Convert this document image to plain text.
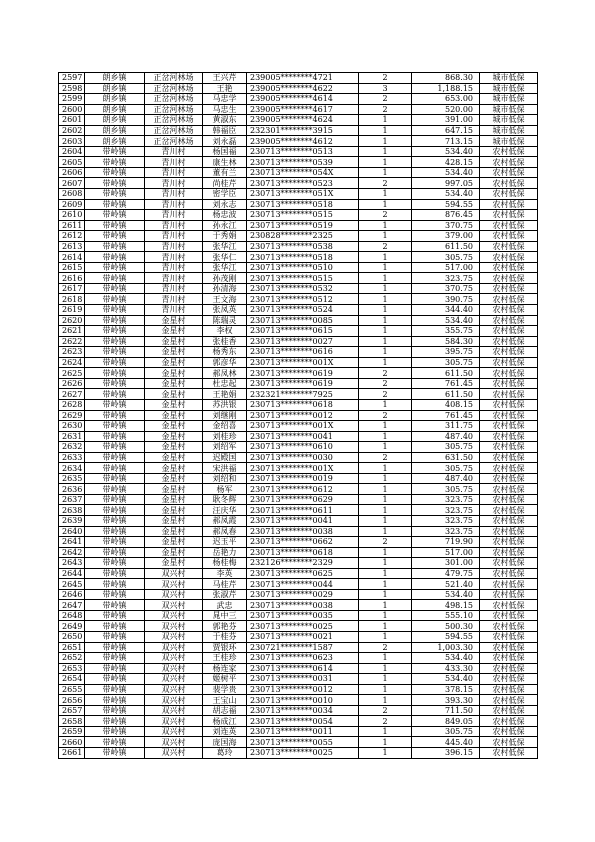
2597	朗乡镇	正岔河林场	王兴芹	239005********4721	2	868.30	城市低保
2598	朗乡镇	正岔河林场	王艳	239005********4622	3	1,188.15	城市低保
2599	朗乡镇	正岔河林场	马忠学	239005********4614	2	653.00	城市低保
2600	朗乡镇	正岔河林场	马忠生	239005********4617	2	520.00	城市低保
2601	朗乡镇	正岔河林场	黄淑东	239005********4624	1	391.00	城市低保
2602	朗乡镇	正岔河林场	韩福臣	232301********3915	1	647.15	城市低保
2603	朗乡镇	正岔河林场	刘永磊	239005********4612	1	713.15	城市低保
2604	带岭镇	青川村	杨国福	230713********0513	1	534.40	农村低保
2605	带岭镇	青川村	康生林	230713********0539	1	428.15	农村低保
2606	带岭镇	青川村	董有兰	230713********054X	1	534.40	农村低保
2607	带岭镇	青川村	尚桂芹	230713********0523	2	997.05	农村低保
2608	带岭镇	青川村	密学臣	230713********051X	1	534.40	农村低保
2609	带岭镇	青川村	刘永志	230713********0518	1	594.55	农村低保
2610	带岭镇	青川村	杨忠波	230713********0515	2	876.45	农村低保
2611	带岭镇	青川村	孙永江	230713********0519	1	370.75	农村低保
2612	带岭镇	青川村	于秀娟	230828********2325	1	379.00	农村低保
2613	带岭镇	青川村	张华江	230713********0538	2	611.50	农村低保
2614	带岭镇	青川村	张华仁	230713********0518	1	305.75	农村低保
2615	带岭镇	青川村	张华江	230713********0510	1	517.00	农村低保
2616	带岭镇	青川村	孙茂刚	230713********0515	1	323.75	农村低保
2617	带岭镇	青川村	孙清海	230713********0532	1	370.75	农村低保
2618	带岭镇	青川村	王文海	230713********0512	1	390.75	农村低保
2619	带岭镇	青川村	张凤英	230713********0524	1	344.40	农村低保
2620	带岭镇	金星村	陈瑞灵	230713********0085	1	534.40	农村低保
2621	带岭镇	金星村	李权	230713********0615	1	355.75	农村低保
2622	带岭镇	金星村	张桂香	230713********0027	1	584.30	农村低保
2623	带岭镇	金星村	杨秀东	230713********0616	1	395.75	农村低保
2624	带岭镇	金星村	郭彦华	230713********001X	1	305.75	农村低保
2625	带岭镇	金星村	郝凤林	230713********0619	2	611.50	农村低保
2626	带岭镇	金星村	杜忠起	230713********0619	2	761.45	农村低保
2627	带岭镇	金星村	王艳娟	232321********7925	2	611.50	农村低保
2628	带岭镇	金星村	苏洪银	230713********0618	1	408.15	农村低保
2629	带岭镇	金星村	刘继刚	230713********0012	2	761.45	农村低保
2630	带岭镇	金星村	金绍喜	230713********001X	1	311.75	农村低保
2631	带岭镇	金星村	刘桂珍	230713********0041	1	487.40	农村低保
2632	带岭镇	金星村	刘绍军	230713********0610	1	305.75	农村低保
2633	带岭镇	金星村	迟殿国	230713********0030	2	631.50	农村低保
2634	带岭镇	金星村	宋洪福	230713********001X	1	305.75	农村低保
2635	带岭镇	金星村	刘绍和	230713********0019	1	487.40	农村低保
2636	带岭镇	金星村	杨军	230713********0612	1	305.75	农村低保
2637	带岭镇	金星村	耿冬辉	230713********0629	1	323.75	农村低保
2638	带岭镇	金星村	汪庆华	230713********0611	1	323.75	农村低保
2639	带岭镇	金星村	郝凤霞	230713********0041	1	323.75	农村低保
2640	带岭镇	金星村	郝凤春	230713********0038	1	323.75	农村低保
2641	带岭镇	金星村	迟玉平	230713********0662	2	719.90	农村低保
2642	带岭镇	金星村	岳艳力	230713********0618	1	517.00	农村低保
2643	带岭镇	金星村	杨桂梅	232126********2329	1	301.00	农村低保
2644	带岭镇	双兴村	李英	230713********0625	1	479.75	农村低保
2645	带岭镇	双兴村	马桂芹	230713********0044	1	521.40	农村低保
2646	带岭镇	双兴村	张淑芹	230713********0029	1	534.40	农村低保
2647	带岭镇	双兴村	武忠	230713********0038	1	498.15	农村低保
2648	带岭镇	双兴村	晁中三	230713********0035	1	555.10	农村低保
2649	带岭镇	双兴村	郭艳芬	230713********0025	1	500.30	农村低保
2650	带岭镇	双兴村	于桂芬	230713********0021	1	594.55	农村低保
2651	带岭镇	双兴村	贾银环	230721********1587	2	1,003.30	农村低保
2652	带岭镇	双兴村	王桂珍	230713********0623	1	534.40	农村低保
2653	带岭镇	双兴村	杨连家	230713********0614	1	433.30	农村低保
2654	带岭镇	双兴村	姬树平	230713********0031	1	534.40	农村低保
2655	带岭镇	双兴村	裴学贵	230713********0012	1	378.15	农村低保
2656	带岭镇	双兴村	王宝山	230713********0010	1	393.30	农村低保
2657	带岭镇	双兴村	胡志福	230713********0034	2	711.50	农村低保
2658	带岭镇	双兴村	杨成江	230713********0054	2	849.05	农村低保
2659	带岭镇	双兴村	刘连英	230713********0011	1	305.75	农村低保
2660	带岭镇	双兴村	庞国海	230713********0055	1	445.40	农村低保
2661	带岭镇	双兴村	葛玲	230713********0025	1	396.15	农村低保
